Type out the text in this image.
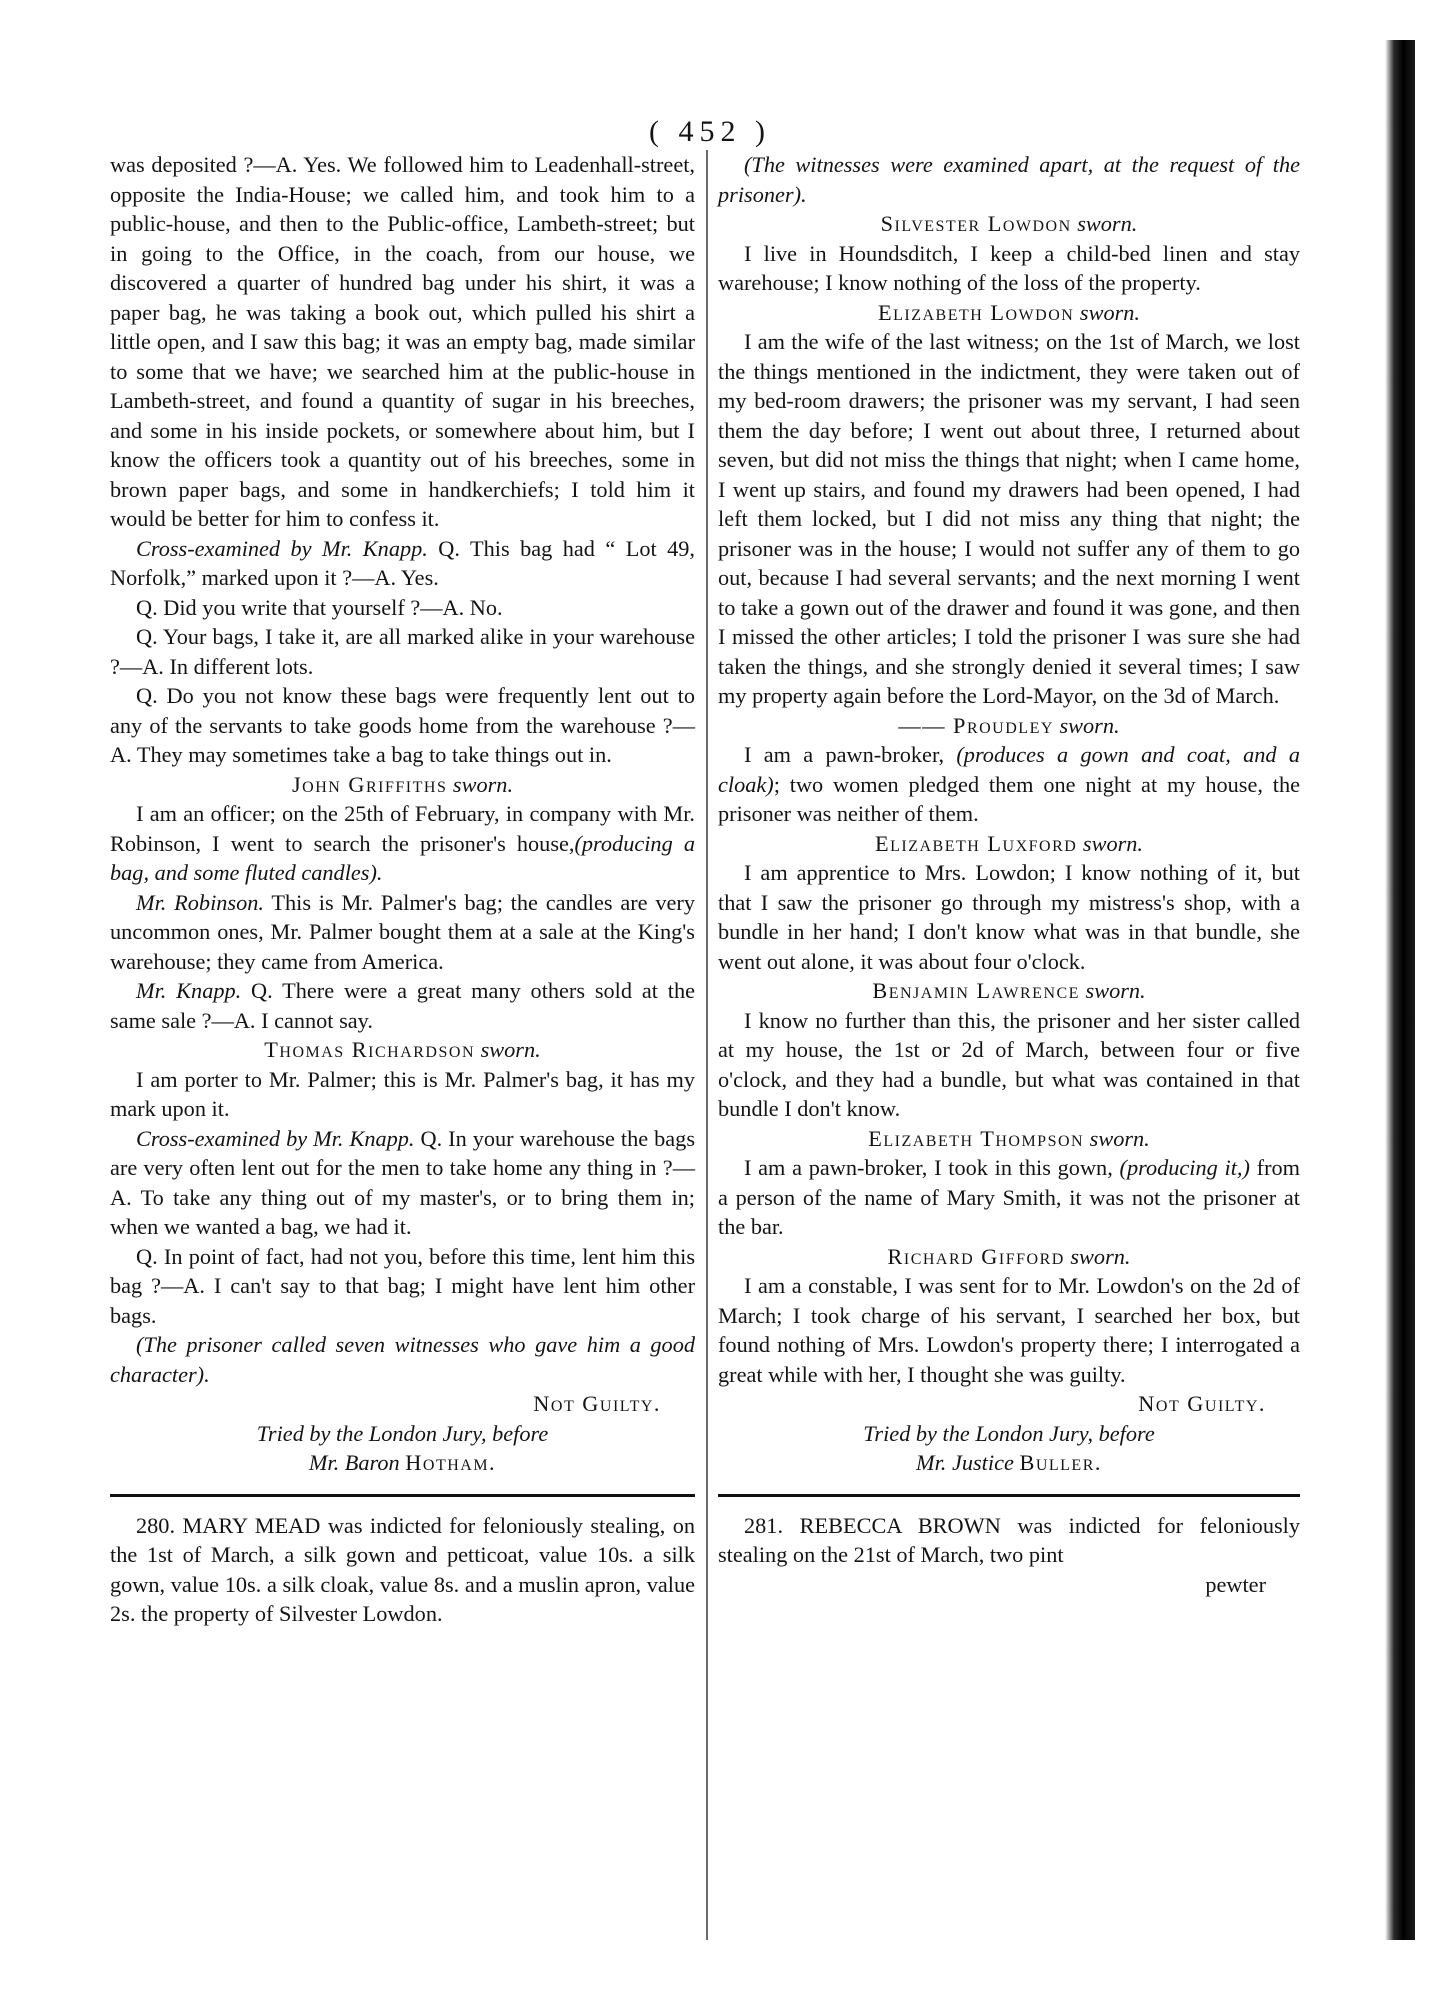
( 452 )

was deposited ?—A. Yes. We followed him to Leadenhall-street, opposite the India-House; we called him, and took him to a public-house, and then to the Public-office, Lambeth-street; but in going to the Office, in the coach, from our house, we discovered a quarter of hundred bag under his shirt, it was a paper bag, he was taking a book out, which pulled his shirt a little open, and I saw this bag; it was an empty bag, made similar to some that we have; we searched him at the public-house in Lambeth-street, and found a quantity of sugar in his breeches, and some in his inside pockets, or somewhere about him, but I know the officers took a quantity out of his breeches, some in brown paper bags, and some in handkerchiefs; I told him it would be better for him to confess it.

Cross-examined by Mr. Knapp. Q. This bag had “ Lot 49, Norfolk,” marked upon it ?—A. Yes.

Q. Did you write that yourself ?—A. No.

Q. Your bags, I take it, are all marked alike in your warehouse ?—A. In different lots.

Q. Do you not know these bags were frequently lent out to any of the servants to take goods home from the warehouse ?—A. They may sometimes take a bag to take things out in.

John Griffiths sworn.

I am an officer; on the 25th of February, in company with Mr. Robinson, I went to search the prisoner's house,(producing a bag, and some fluted candles).

Mr. Robinson. This is Mr. Palmer's bag; the candles are very uncommon ones, Mr. Palmer bought them at a sale at the King's warehouse; they came from America.

Mr. Knapp. Q. There were a great many others sold at the same sale ?—A. I cannot say.

Thomas Richardson sworn.

I am porter to Mr. Palmer; this is Mr. Palmer's bag, it has my mark upon it.

Cross-examined by Mr. Knapp. Q. In your warehouse the bags are very often lent out for the men to take home any thing in ?—A. To take any thing out of my master's, or to bring them in; when we wanted a bag, we had it.

Q. In point of fact, had not you, before this time, lent him this bag ?—A. I can't say to that bag; I might have lent him other bags.

(The prisoner called seven witnesses who gave him a good character).

Not Guilty.

Tried by the London Jury, before

Mr. Baron Hotham.

280. MARY MEAD was indicted for feloniously stealing, on the 1st of March, a silk gown and petticoat, value 10s. a silk gown, value 10s. a silk cloak, value 8s. and a muslin apron, value 2s. the property of Silvester Lowdon.

(The witnesses were examined apart, at the request of the prisoner).

Silvester Lowdon sworn.

I live in Houndsditch, I keep a child-bed linen and stay warehouse; I know nothing of the loss of the property.

Elizabeth Lowdon sworn.

I am the wife of the last witness; on the 1st of March, we lost the things mentioned in the indictment, they were taken out of my bed-room drawers; the prisoner was my servant, I had seen them the day before; I went out about three, I returned about seven, but did not miss the things that night; when I came home, I went up stairs, and found my drawers had been opened, I had left them locked, but I did not miss any thing that night; the prisoner was in the house; I would not suffer any of them to go out, because I had several servants; and the next morning I went to take a gown out of the drawer and found it was gone, and then I missed the other articles; I told the prisoner I was sure she had taken the things, and she strongly denied it several times; I saw my property again before the Lord-Mayor, on the 3d of March.

—— Proudley sworn.

I am a pawn-broker, (produces a gown and coat, and a cloak); two women pledged them one night at my house, the prisoner was neither of them.

Elizabeth Luxford sworn.

I am apprentice to Mrs. Lowdon; I know nothing of it, but that I saw the prisoner go through my mistress's shop, with a bundle in her hand; I don't know what was in that bundle, she went out alone, it was about four o'clock.

Benjamin Lawrence sworn.

I know no further than this, the prisoner and her sister called at my house, the 1st or 2d of March, between four or five o'clock, and they had a bundle, but what was contained in that bundle I don't know.

Elizabeth Thompson sworn.

I am a pawn-broker, I took in this gown, (producing it,) from a person of the name of Mary Smith, it was not the prisoner at the bar.

Richard Gifford sworn.

I am a constable, I was sent for to Mr. Lowdon's on the 2d of March; I took charge of his servant, I searched her box, but found nothing of Mrs. Lowdon's property there; I interrogated a great while with her, I thought she was guilty.

Not Guilty.

Tried by the London Jury, before

Mr. Justice Buller.

281. REBECCA BROWN was indicted for feloniously stealing on the 21st of March, two pint

pewter
